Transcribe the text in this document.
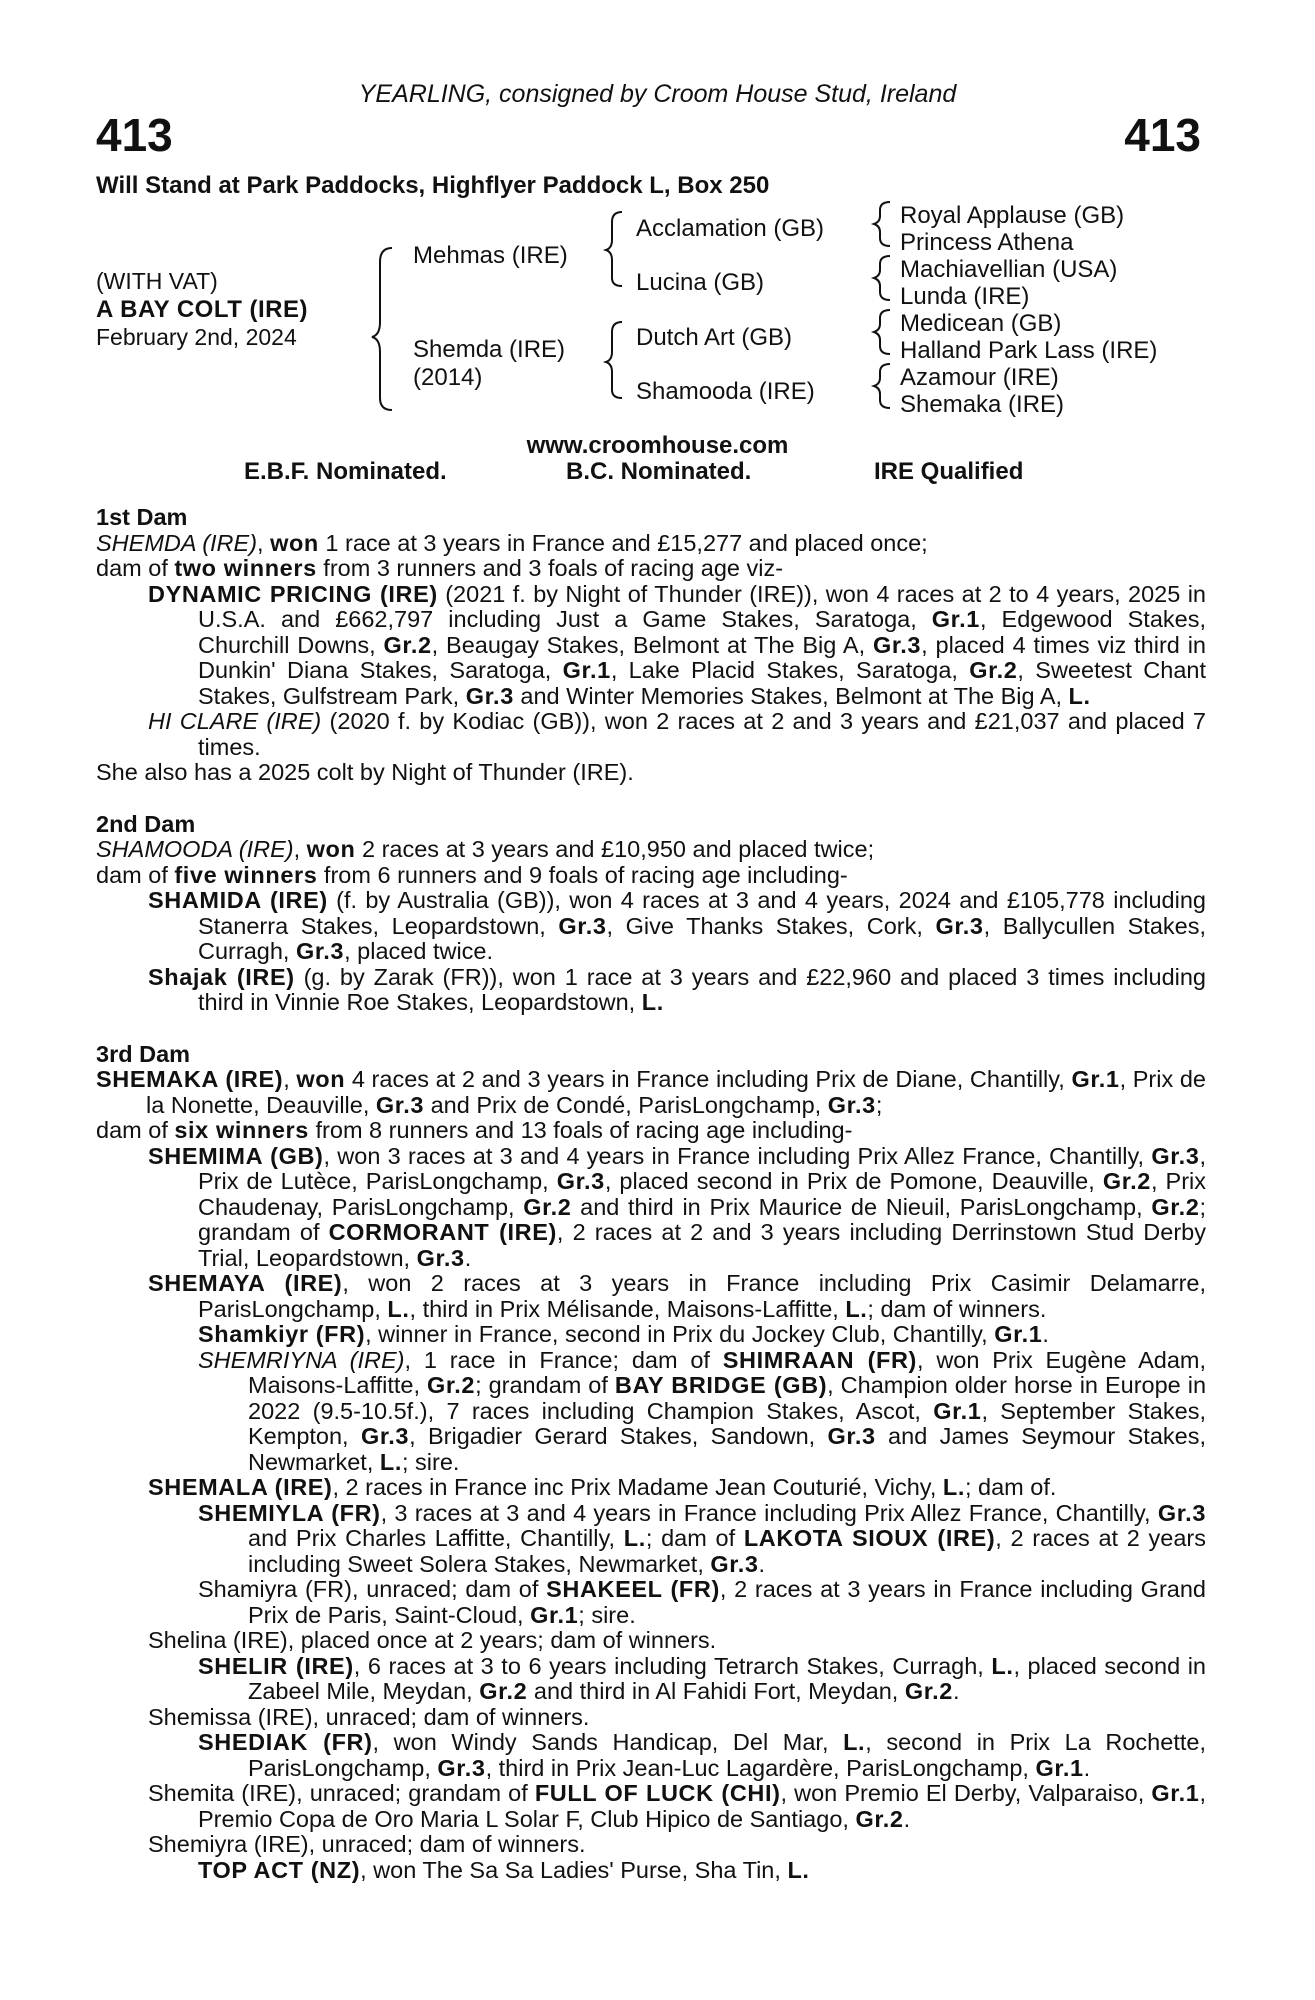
YEARLING, consigned by Croom House Stud, Ireland
413	413
Will Stand at Park Paddocks, Highflyer Paddock L, Box 250
(WITH VAT)
A BAY COLT (IRE)
February 2nd, 2024
Mehmas (IRE)
Shemda (IRE)
(2014)
Acclamation (GB)
Lucina (GB)
Dutch Art (GB)
Shamooda (IRE)
Royal Applause (GB)
Princess Athena
Machiavellian (USA)
Lunda (IRE)
Medicean (GB)
Halland Park Lass (IRE)
Azamour (IRE)
Shemaka (IRE)
www.croomhouse.com
E.B.F. Nominated.	B.C. Nominated.	IRE Qualified
1st Dam
SHEMDA (IRE), won 1 race at 3 years in France and £15,277 and placed once;
dam of two winners from 3 runners and 3 foals of racing age viz-
DYNAMIC PRICING (IRE) (2021 f. by Night of Thunder (IRE)), won 4 races at 2 to 4 years, 2025 in U.S.A. and £662,797 including Just a Game Stakes, Saratoga, Gr.1, Edgewood Stakes, Churchill Downs, Gr.2, Beaugay Stakes, Belmont at The Big A, Gr.3, placed 4 times viz third in Dunkin' Diana Stakes, Saratoga, Gr.1, Lake Placid Stakes, Saratoga, Gr.2, Sweetest Chant Stakes, Gulfstream Park, Gr.3 and Winter Memories Stakes, Belmont at The Big A, L.
HI CLARE (IRE) (2020 f. by Kodiac (GB)), won 2 races at 2 and 3 years and £21,037 and placed 7 times.
She also has a 2025 colt by Night of Thunder (IRE).
2nd Dam
SHAMOODA (IRE), won 2 races at 3 years and £10,950 and placed twice;
dam of five winners from 6 runners and 9 foals of racing age including-
SHAMIDA (IRE) (f. by Australia (GB)), won 4 races at 3 and 4 years, 2024 and £105,778 including Stanerra Stakes, Leopardstown, Gr.3, Give Thanks Stakes, Cork, Gr.3, Ballycullen Stakes, Curragh, Gr.3, placed twice.
Shajak (IRE) (g. by Zarak (FR)), won 1 race at 3 years and £22,960 and placed 3 times including third in Vinnie Roe Stakes, Leopardstown, L.
3rd Dam
SHEMAKA (IRE), won 4 races at 2 and 3 years in France including Prix de Diane, Chantilly, Gr.1, Prix de la Nonette, Deauville, Gr.3 and Prix de Condé, ParisLongchamp, Gr.3;
dam of six winners from 8 runners and 13 foals of racing age including-
SHEMIMA (GB), won 3 races at 3 and 4 years in France including Prix Allez France, Chantilly, Gr.3, Prix de Lutèce, ParisLongchamp, Gr.3, placed second in Prix de Pomone, Deauville, Gr.2, Prix Chaudenay, ParisLongchamp, Gr.2 and third in Prix Maurice de Nieuil, ParisLongchamp, Gr.2; grandam of CORMORANT (IRE), 2 races at 2 and 3 years including Derrinstown Stud Derby Trial, Leopardstown, Gr.3.
SHEMAYA (IRE), won 2 races at 3 years in France including Prix Casimir Delamarre, ParisLongchamp, L., third in Prix Mélisande, Maisons-Laffitte, L.; dam of winners.
Shamkiyr (FR), winner in France, second in Prix du Jockey Club, Chantilly, Gr.1.
SHEMRIYNA (IRE), 1 race in France; dam of SHIMRAAN (FR), won Prix Eugène Adam, Maisons-Laffitte, Gr.2; grandam of BAY BRIDGE (GB), Champion older horse in Europe in 2022 (9.5-10.5f.), 7 races including Champion Stakes, Ascot, Gr.1, September Stakes, Kempton, Gr.3, Brigadier Gerard Stakes, Sandown, Gr.3 and James Seymour Stakes, Newmarket, L.; sire.
SHEMALA (IRE), 2 races in France inc Prix Madame Jean Couturié, Vichy, L.; dam of.
SHEMIYLA (FR), 3 races at 3 and 4 years in France including Prix Allez France, Chantilly, Gr.3 and Prix Charles Laffitte, Chantilly, L.; dam of LAKOTA SIOUX (IRE), 2 races at 2 years including Sweet Solera Stakes, Newmarket, Gr.3.
Shamiyra (FR), unraced; dam of SHAKEEL (FR), 2 races at 3 years in France including Grand Prix de Paris, Saint-Cloud, Gr.1; sire.
Shelina (IRE), placed once at 2 years; dam of winners.
SHELIR (IRE), 6 races at 3 to 6 years including Tetrarch Stakes, Curragh, L., placed second in Zabeel Mile, Meydan, Gr.2 and third in Al Fahidi Fort, Meydan, Gr.2.
Shemissa (IRE), unraced; dam of winners.
SHEDIAK (FR), won Windy Sands Handicap, Del Mar, L., second in Prix La Rochette, ParisLongchamp, Gr.3, third in Prix Jean-Luc Lagardère, ParisLongchamp, Gr.1.
Shemita (IRE), unraced; grandam of FULL OF LUCK (CHI), won Premio El Derby, Valparaiso, Gr.1, Premio Copa de Oro Maria L Solar F, Club Hipico de Santiago, Gr.2.
Shemiyra (IRE), unraced; dam of winners.
TOP ACT (NZ), won The Sa Sa Ladies' Purse, Sha Tin, L.
